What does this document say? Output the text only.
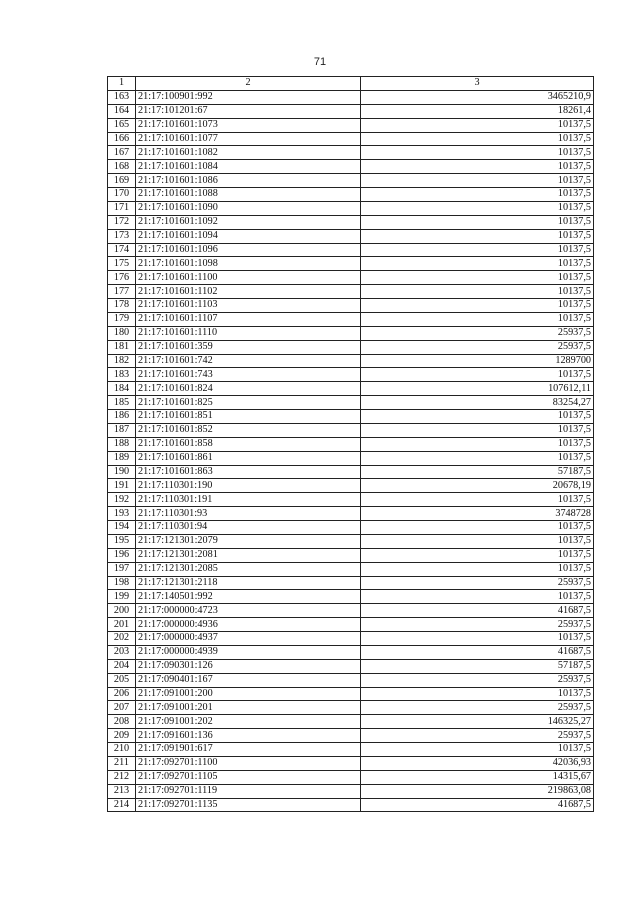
71
1	2	3
163	21:17:100901:992	3465210,9
164	21:17:101201:67	18261,4
165	21:17:101601:1073	10137,5
166	21:17:101601:1077	10137,5
167	21:17:101601:1082	10137,5
168	21:17:101601:1084	10137,5
169	21:17:101601:1086	10137,5
170	21:17:101601:1088	10137,5
171	21:17:101601:1090	10137,5
172	21:17:101601:1092	10137,5
173	21:17:101601:1094	10137,5
174	21:17:101601:1096	10137,5
175	21:17:101601:1098	10137,5
176	21:17:101601:1100	10137,5
177	21:17:101601:1102	10137,5
178	21:17:101601:1103	10137,5
179	21:17:101601:1107	10137,5
180	21:17:101601:1110	25937,5
181	21:17:101601:359	25937,5
182	21:17:101601:742	1289700
183	21:17:101601:743	10137,5
184	21:17:101601:824	107612,11
185	21:17:101601:825	83254,27
186	21:17:101601:851	10137,5
187	21:17:101601:852	10137,5
188	21:17:101601:858	10137,5
189	21:17:101601:861	10137,5
190	21:17:101601:863	57187,5
191	21:17:110301:190	20678,19
192	21:17:110301:191	10137,5
193	21:17:110301:93	3748728
194	21:17:110301:94	10137,5
195	21:17:121301:2079	10137,5
196	21:17:121301:2081	10137,5
197	21:17:121301:2085	10137,5
198	21:17:121301:2118	25937,5
199	21:17:140501:992	10137,5
200	21:17:000000:4723	41687,5
201	21:17:000000:4936	25937,5
202	21:17:000000:4937	10137,5
203	21:17:000000:4939	41687,5
204	21:17:090301:126	57187,5
205	21:17:090401:167	25937,5
206	21:17:091001:200	10137,5
207	21:17:091001:201	25937,5
208	21:17:091001:202	146325,27
209	21:17:091601:136	25937,5
210	21:17:091901:617	10137,5
211	21:17:092701:1100	42036,93
212	21:17:092701:1105	14315,67
213	21:17:092701:1119	219863,08
214	21:17:092701:1135	41687,5
